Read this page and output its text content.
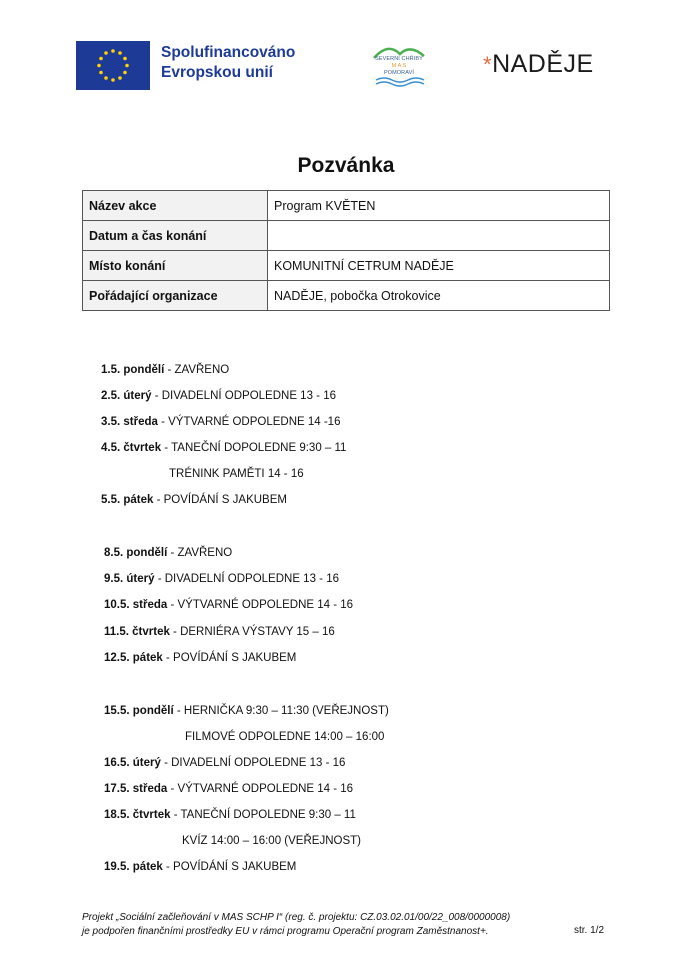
Spolufinancováno
Evropskou unií
SEVERNÍ CHŘIBY
M A S
POMORAVÍ	*NADĚJE
Pozvánka
Název akce	Program KVĚTEN
Datum a čas konání	
Místo konání	KOMUNITNÍ CETRUM NADĚJE
Pořádající organizace	NADĚJE, pobočka Otrokovice
1.5. pondělí - ZAVŘENO
2.5. úterý - DIVADELNÍ ODPOLEDNE 13 - 16
3.5. středa - VÝTVARNÉ ODPOLEDNE 14 -16
4.5. čtvrtek - TANEČNÍ DOPOLEDNE 9:30 – 11
TRÉNINK PAMĚTI 14 - 16
5.5. pátek - POVÍDÁNÍ S JAKUBEM
8.5. pondělí - ZAVŘENO
9.5. úterý - DIVADELNÍ ODPOLEDNE 13 - 16
10.5. středa - VÝTVARNÉ ODPOLEDNE 14 - 16
11.5. čtvrtek - DERNIÉRA VÝSTAVY 15 – 16
12.5. pátek - POVÍDÁNÍ S JAKUBEM
15.5. pondělí - HERNIČKA 9:30 – 11:30 (VEŘEJNOST)
FILMOVÉ ODPOLEDNE 14:00 – 16:00
16.5. úterý - DIVADELNÍ ODPOLEDNE 13 - 16
17.5. středa - VÝTVARNÉ ODPOLEDNE 14 - 16
18.5. čtvrtek - TANEČNÍ DOPOLEDNE 9:30 – 11
KVÍZ 14:00 – 16:00 (VEŘEJNOST)
19.5. pátek - POVÍDÁNÍ S JAKUBEM
Projekt „Sociální začleňování v MAS SCHP I“ (reg. č. projektu: CZ.03.02.01/00/22_008/0000008)
je podpořen finančními prostředky EU v rámci programu Operační program Zaměstnanost+.	str. 1/2
